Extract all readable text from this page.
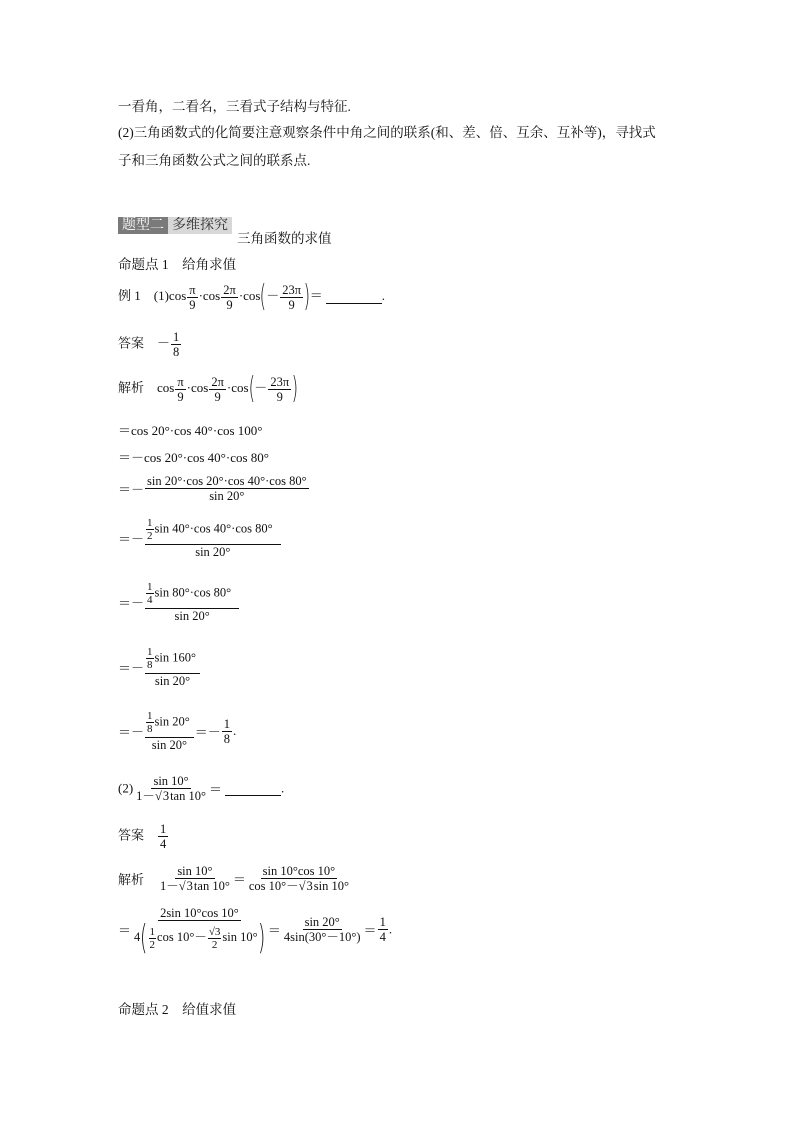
一看角，二看名，三看式子结构与特征.
(2)三角函数式的化简要注意观察条件中角之间的联系(和、差、倍、互余、互补等)，寻找式
子和三角函数公式之间的联系点.
题型二 多维探究
三角函数的求值
命题点 1　给角求值
例 1　$(1)\cos \frac{\pi}{9} \cdot\cos \frac{2\pi}{9} \cdot\cos(- \frac{23\pi}{9}$ )＝	.
答案　－ $\frac{1}{8}$
解析　$\cos \frac{\pi}{9} \cdot\cos \frac{2\pi}{9} \cdot\cos(- \frac{23\pi}{9}$ )
＝cos 20°·cos 40°·cos 100°
＝－cos 20°·cos 40°·cos 80°
＝－ $\frac{\sin 20^\circ\cdot\cos 20^\circ\cdot\cos 40^\circ\cdot\cos 80^\circ}{\sin 20^\circ}$
＝－ $\frac{\frac{1}{2} \sin 40^\circ\cdot\cos 40^\circ\cdot\cos 80^\circ}{\sin 20^\circ}$
＝－ $\frac{\frac{1}{4} \sin 80^\circ\cdot\cos 80^\circ}{\sin 20^\circ}$
＝－ $\frac{\frac{1}{8} \sin 160^\circ}{\sin 20^\circ}$
＝－ $\frac{\frac{1}{8} \sin 20^\circ}{\sin 20^\circ} =- \frac{1}{8}$ .
$(2) \frac{\sin 10^\circ}{1-√3\tan 10^\circ}$ ＝	.
答案　 $\frac{1}{4}$
解析　 $\frac{\sin 10^\circ}{1-√3\tan 10^\circ} = \frac{\sin 10^\circ\cos 10^\circ}{\cos 10^\circ-√3\sin 10^\circ}$
＝ $\frac{2\sin 10^\circ\cos 10^\circ}{4( \frac{1}{2} \cos 10^\circ- \frac{√3}{2} \sin 10^\circ)} = \frac{\sin 20^\circ}{4\sin(30^\circ-10^\circ)} = \frac{1}{4}$ .
命题点 2　给值求值
